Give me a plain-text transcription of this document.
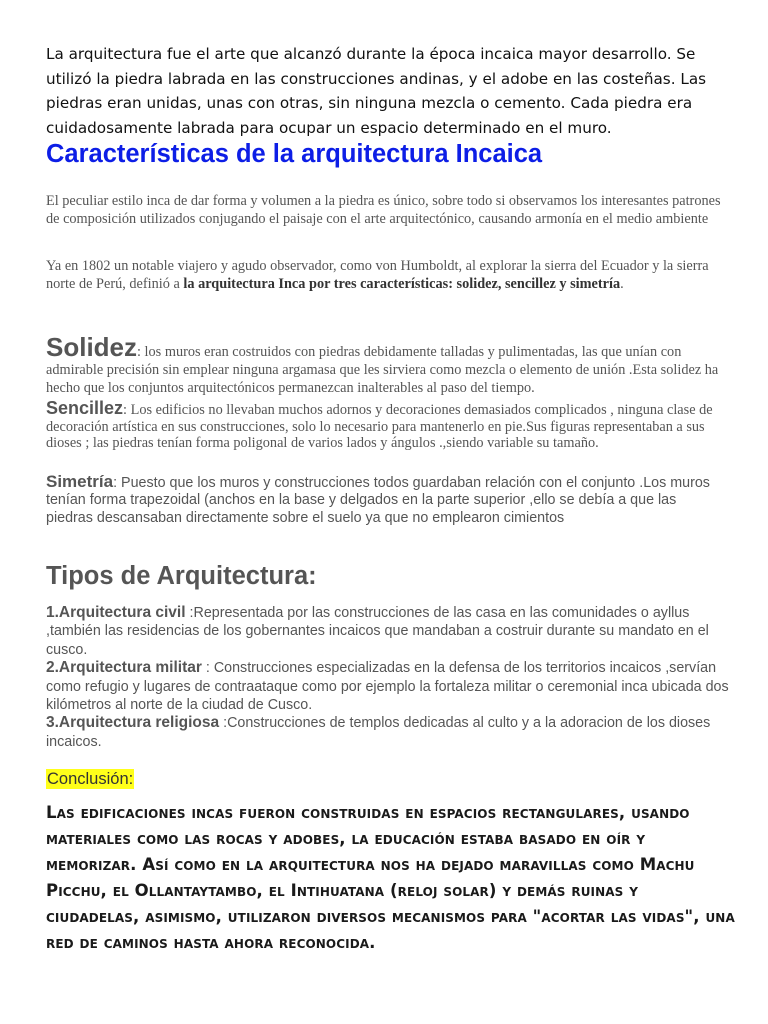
La arquitectura fue el arte que alcanzó durante la época incaica mayor desarrollo. Se utilizó la piedra labrada en las construcciones andinas, y el adobe en las costeñas. Las piedras eran unidas, unas con otras, sin ninguna mezcla o cemento. Cada piedra era cuidadosamente labrada para ocupar un espacio determinado en el muro.

Características de la arquitectura Incaica

El peculiar estilo inca de dar forma y volumen a la piedra es único, sobre todo si observamos los interesantes patrones de composición utilizados conjugando el paisaje con el arte arquitectónico, causando armonía en el medio ambiente

Ya en 1802 un notable viajero y agudo observador, como von Humboldt, al explorar la sierra del Ecuador y la sierra norte de Perú, definió a la arquitectura Inca por tres características: solidez, sencillez y simetría.

Solidez: los muros eran costruidos con piedras debidamente talladas y pulimentadas, las que unían con admirable precisión sin emplear ninguna argamasa que les sirviera como mezcla o elemento de unión .Esta solidez ha hecho que los conjuntos arquitectónicos permanezcan inalterables al paso del tiempo.

Sencillez: Los edificios no llevaban muchos adornos y decoraciones demasiados complicados , ninguna clase de decoración artística en sus construcciones, solo lo necesario para mantenerlo en pie.Sus figuras representaban a sus dioses ; las piedras tenían forma poligonal de varios lados y ángulos .,siendo variable su tamaño.

Simetría: Puesto que los muros y construcciones todos guardaban relación con el conjunto .Los muros tenían forma trapezoidal (anchos en la base y delgados en la parte superior ,ello se debía a que las piedras descansaban directamente sobre el suelo ya que no emplearon cimientos

Tipos de Arquitectura:
1.Arquitectura civil :Representada por las construcciones de las casa en las comunidades o ayllus ,también las residencias de los gobernantes incaicos que mandaban a costruir durante su mandato en el cusco.
2.Arquitectura militar : Construcciones especializadas en la defensa de los territorios incaicos ,servían como refugio y lugares de contraataque como por ejemplo la fortaleza militar o ceremonial inca ubicada dos kilómetros al norte de la ciudad de Cusco.
3.Arquitectura religiosa :Construcciones de templos dedicadas al culto y a la adoracion de los dioses incaicos.
Conclusión:

Las edificaciones incas fueron construidas en espacios rectangulares, usando materiales como las rocas y adobes, la educación estaba basado en oír y memorizar. Así como en la arquitectura nos ha dejado maravillas como Machu Picchu, el Ollantaytambo, el Intihuatana (reloj solar) y demás ruinas y ciudadelas, asimismo, utilizaron diversos mecanismos para "acortar las vidas", una red de caminos hasta ahora reconocida.
